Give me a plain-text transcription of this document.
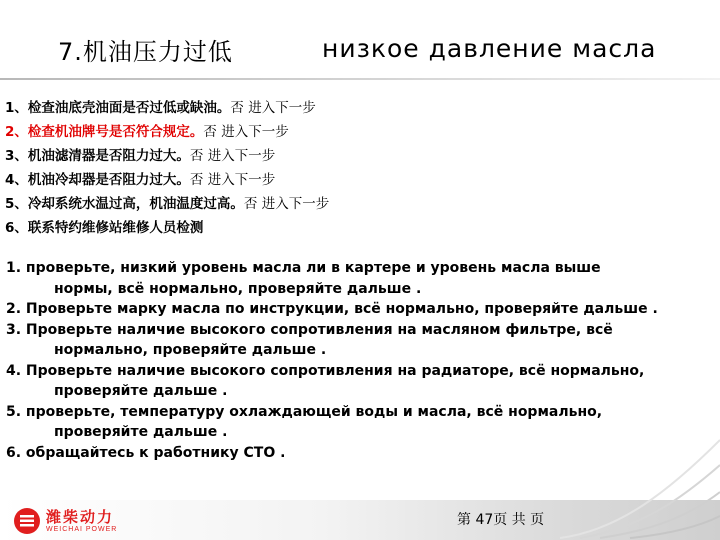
7.机油压力过低	низкое давление масла
1、检查油底壳油面是否过低或缺油。否 进入下一步
2、检查机油牌号是否符合规定。否 进入下一步
3、机油滤清器是否阻力过大。否 进入下一步
4、机油冷却器是否阻力过大。否 进入下一步
5、冷却系统水温过高，机油温度过高。否 进入下一步
6、联系特约维修站维修人员检测
1. проверьте, низкий уровень масла ли в картере и уровень масла выше
нормы, всё нормально, проверяйте дальше .
2. Проверьте марку масла по инструкции, всё нормально, проверяйте дальше .
3. Проверьте наличие высокого сопротивления на масляном фильтре, всё
нормально, проверяйте дальше .
4. Проверьте наличие высокого сопротивления на радиаторе, всё нормально,
проверяйте дальше .
5. проверьте, температуру охлаждающей воды и масла, всё нормально,
проверяйте дальше .
6. обращайтесь к работнику СТО .
潍柴动力
WEICHAI POWER
第 47页 共 页
